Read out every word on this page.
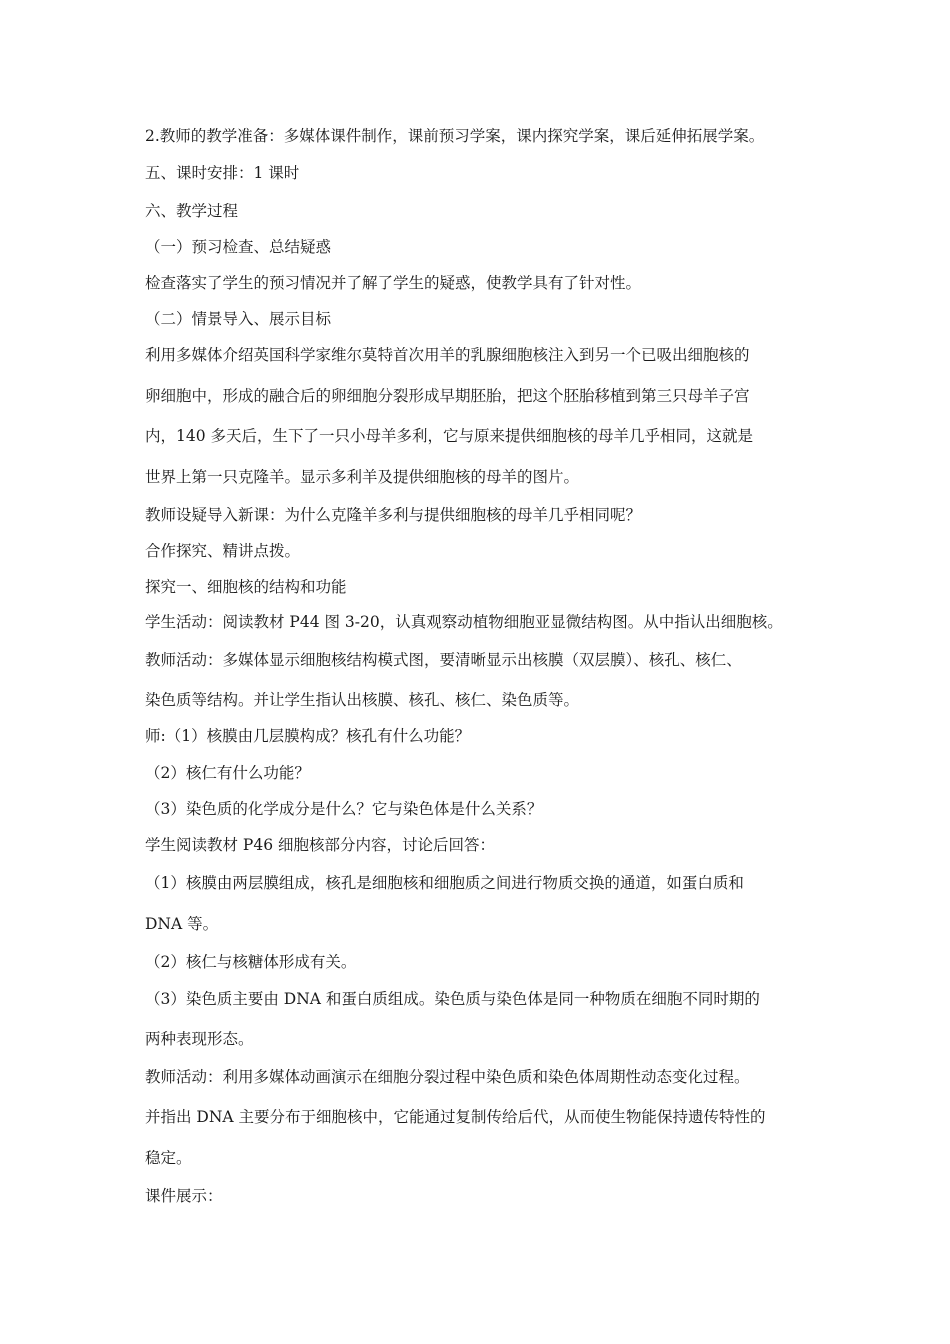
2.教师的教学准备：多媒体课件制作，课前预习学案，课内探究学案，课后延伸拓展学案。
五、课时安排：1 课时
六、教学过程
（一）预习检查、总结疑惑
检查落实了学生的预习情况并了解了学生的疑惑，使教学具有了针对性。
（二）情景导入、展示目标
利用多媒体介绍英国科学家维尔莫特首次用羊的乳腺细胞核注入到另一个已吸出细胞核的
卵细胞中，形成的融合后的卵细胞分裂形成早期胚胎，把这个胚胎移植到第三只母羊子宫
内，140 多天后，生下了一只小母羊多利，它与原来提供细胞核的母羊几乎相同，这就是
世界上第一只克隆羊。显示多利羊及提供细胞核的母羊的图片。
教师设疑导入新课：为什么克隆羊多利与提供细胞核的母羊几乎相同呢？
合作探究、精讲点拨。
探究一、细胞核的结构和功能
学生活动：阅读教材 P44 图 3-20，认真观察动植物细胞亚显微结构图。从中指认出细胞核。
教师活动：多媒体显示细胞核结构模式图，要清晰显示出核膜（双层膜）、核孔、核仁、
染色质等结构。并让学生指认出核膜、核孔、核仁、染色质等。
师:（1）核膜由几层膜构成？核孔有什么功能？
（2）核仁有什么功能？
（3）染色质的化学成分是什么？它与染色体是什么关系？
学生阅读教材 P46 细胞核部分内容，讨论后回答：
（1）核膜由两层膜组成，核孔是细胞核和细胞质之间进行物质交换的通道，如蛋白质和
DNA 等。
（2）核仁与核糖体形成有关。
（3）染色质主要由 DNA 和蛋白质组成。染色质与染色体是同一种物质在细胞不同时期的
两种表现形态。
教师活动：利用多媒体动画演示在细胞分裂过程中染色质和染色体周期性动态变化过程。
并指出 DNA 主要分布于细胞核中，它能通过复制传给后代，从而使生物能保持遗传特性的
稳定。
课件展示：
